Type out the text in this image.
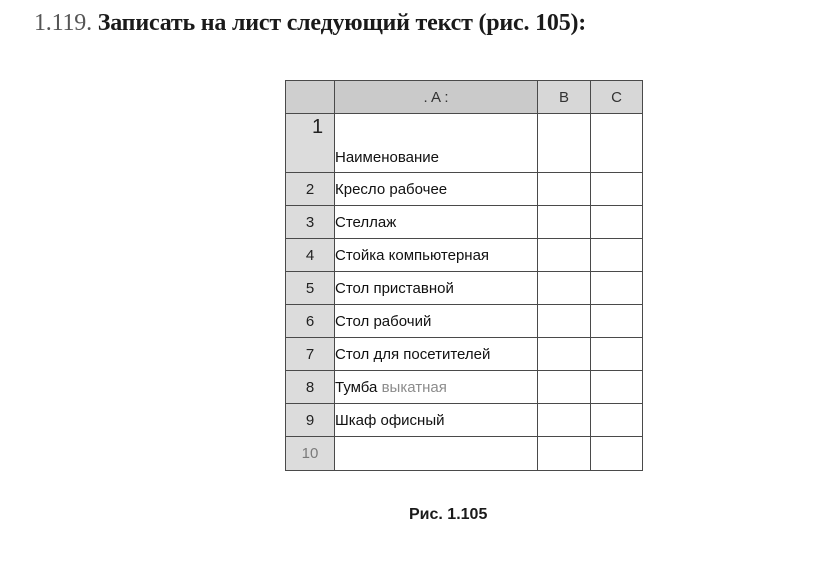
1.119. Записать на лист следующий текст (рис. 105):
	. A :	B	C
1	Наименование		
2	Кресло рабочее		
3	Стеллаж		
4	Стойка компьютерная		
5	Стол приставной		
6	Стол рабочий		
7	Стол для посетителей		
8	Тумба выкатная		
9	Шкаф офисный		
10			
Рис. 1.105
